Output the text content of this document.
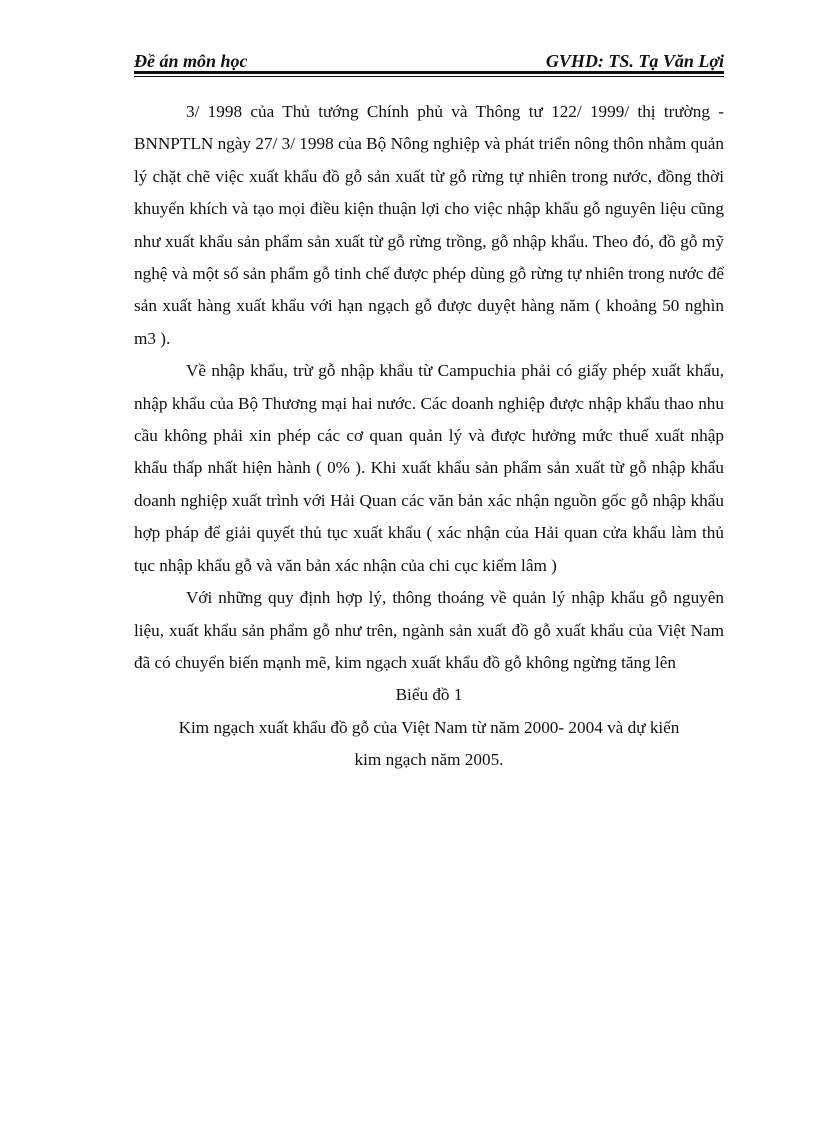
Đề án môn học	GVHD: TS. Tạ Văn Lợi

3/ 1998 của Thủ tướng Chính phủ và Thông tư 122/ 1999/ thị trường - BNNPTLN ngày 27/ 3/ 1998 của Bộ Nông nghiệp và phát triển nông thôn nhằm quản lý chặt chẽ việc xuất khẩu đồ gỗ sản xuất từ gỗ rừng tự nhiên trong nước, đồng thời khuyến khích và tạo mọi điều kiện thuận lợi cho việc nhập khẩu gỗ nguyên liệu cũng như xuất khẩu sản phẩm sản xuất từ gỗ rừng trồng, gỗ nhập khẩu. Theo đó, đồ gỗ mỹ nghệ và một số sản phẩm gỗ tinh chế được phép dùng gỗ rừng tự nhiên trong nước để sản xuất hàng xuất khẩu với hạn ngạch gỗ được duyệt hàng năm ( khoảng 50 nghìn m3 ).

Về nhập khẩu, trừ gỗ nhập khẩu từ Campuchia phải có giấy phép xuất khẩu, nhập khẩu của Bộ Thương mại hai nước. Các doanh nghiệp được nhập khẩu thao nhu cầu không phải xin phép các cơ quan quản lý và được hưởng mức thuế xuất nhập khẩu thấp nhất hiện hành ( 0% ). Khi xuất khẩu sản phẩm sản xuất từ gỗ nhập khẩu doanh nghiệp xuất trình với Hải Quan các văn bản xác nhận nguồn gốc gỗ nhập khẩu hợp pháp để giải quyết thủ tục xuất khẩu ( xác nhận của Hải quan cửa khẩu làm thủ tục nhập khẩu gỗ và văn bản xác nhận của chi cục kiểm lâm )

Với những quy định hợp lý, thông thoáng về quản lý nhập khẩu gỗ nguyên liệu, xuất khẩu sản phẩm gỗ như trên, ngành sản xuất đồ gỗ xuất khẩu của Việt Nam đã có chuyển biến mạnh mẽ, kim ngạch xuất khẩu đồ gỗ không ngừng tăng lên

Biểu đồ 1

Kim ngạch xuất khẩu đồ gỗ của Việt Nam từ năm 2000- 2004 và dự kiến

kim ngạch năm 2005.
